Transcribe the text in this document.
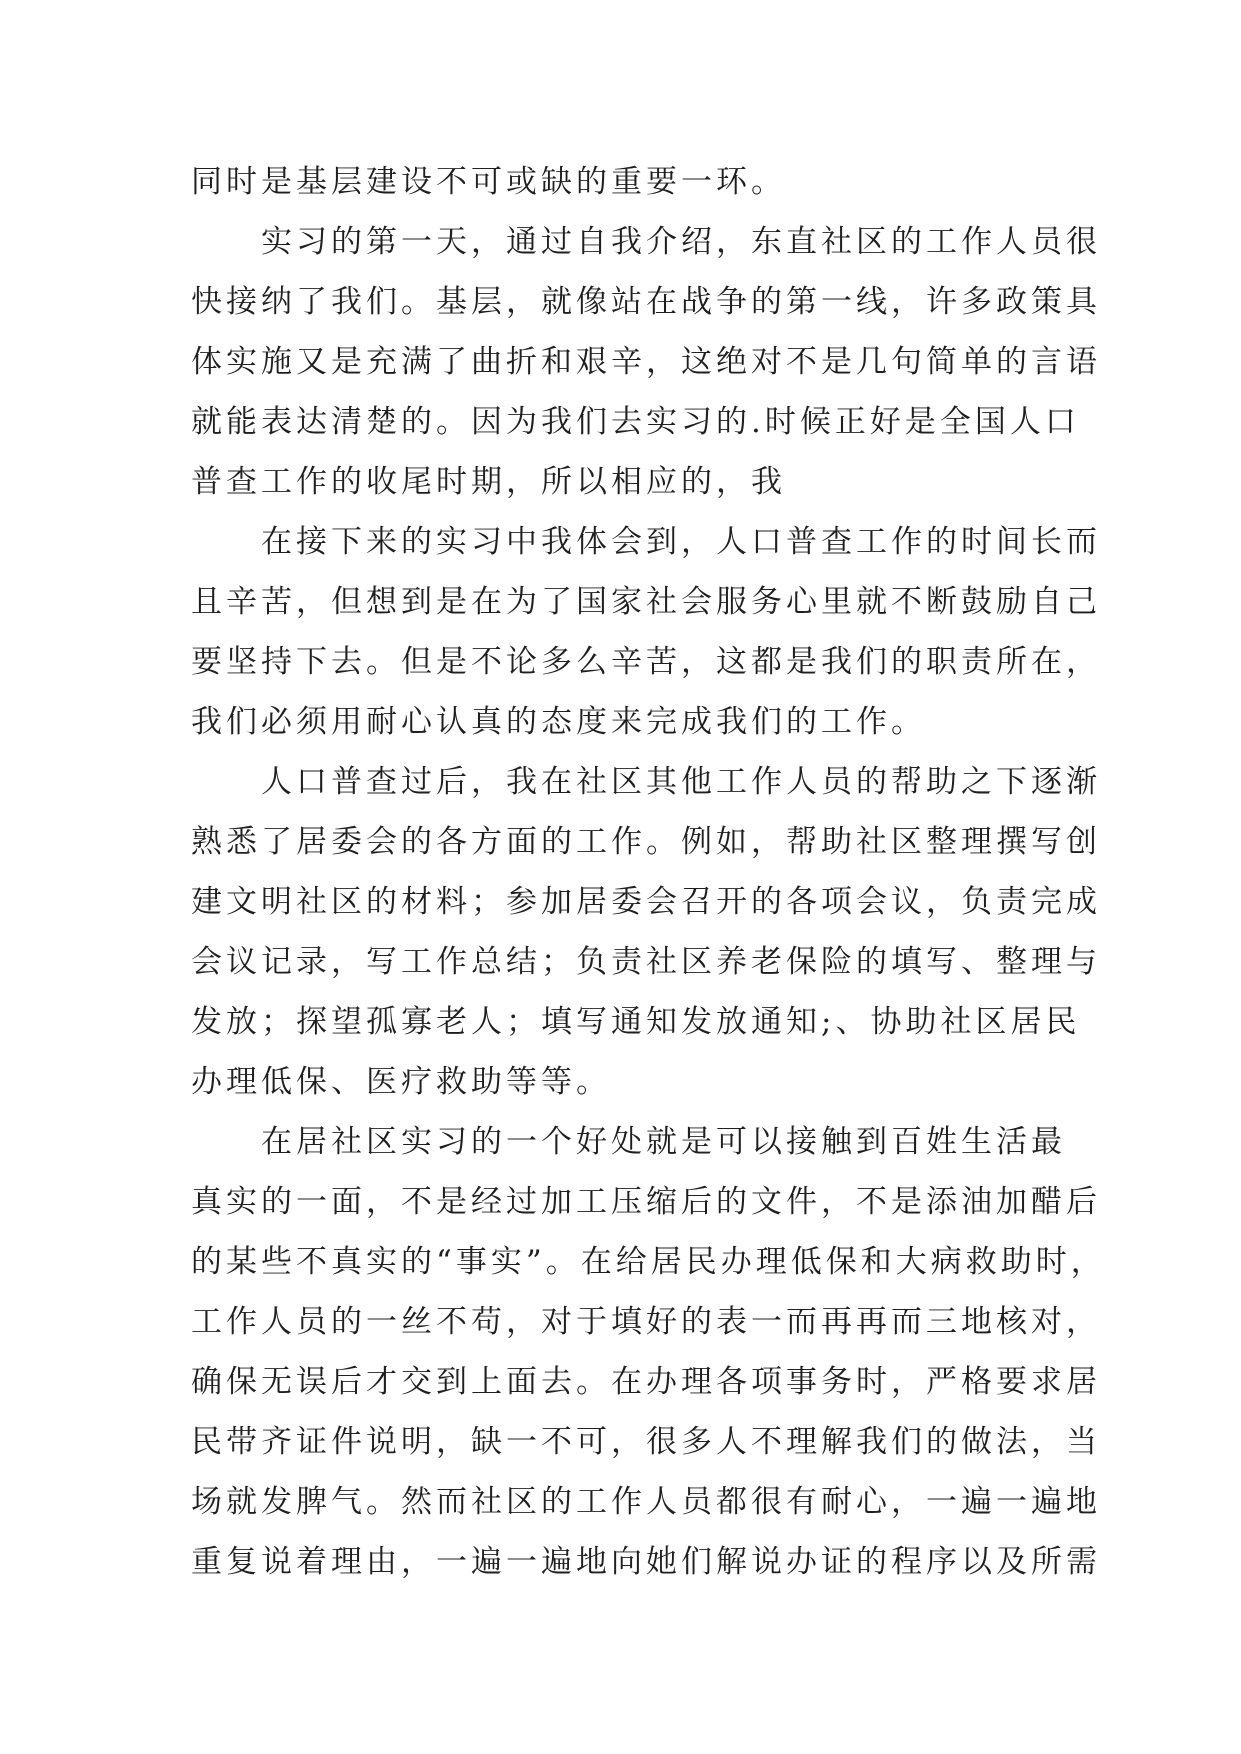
同时是基层建设不可或缺的重要一环。

实习的第一天，通过自我介绍，东直社区的工作人员很
快接纳了我们。基层，就像站在战争的第一线，许多政策具
体实施又是充满了曲折和艰辛，这绝对不是几句简单的言语
就能表达清楚的。因为我们去实习的.时候正好是全国人口
普查工作的收尾时期，所以相应的，我

在接下来的实习中我体会到，人口普查工作的时间长而
且辛苦，但想到是在为了国家社会服务心里就不断鼓励自己
要坚持下去。但是不论多么辛苦，这都是我们的职责所在，
我们必须用耐心认真的态度来完成我们的工作。

人口普查过后，我在社区其他工作人员的帮助之下逐渐
熟悉了居委会的各方面的工作。例如，帮助社区整理撰写创
建文明社区的材料；参加居委会召开的各项会议，负责完成
会议记录，写工作总结；负责社区养老保险的填写、整理与
发放；探望孤寡老人；填写通知发放通知;、协助社区居民
办理低保、医疗救助等等。

在居社区实习的一个好处就是可以接触到百姓生活最
真实的一面，不是经过加工压缩后的文件，不是添油加醋后
的某些不真实的“事实”。在给居民办理低保和大病救助时，
工作人员的一丝不苟，对于填好的表一而再再而三地核对，
确保无误后才交到上面去。在办理各项事务时，严格要求居
民带齐证件说明，缺一不可，很多人不理解我们的做法，当
场就发脾气。然而社区的工作人员都很有耐心，一遍一遍地
重复说着理由，一遍一遍地向她们解说办证的程序以及所需
